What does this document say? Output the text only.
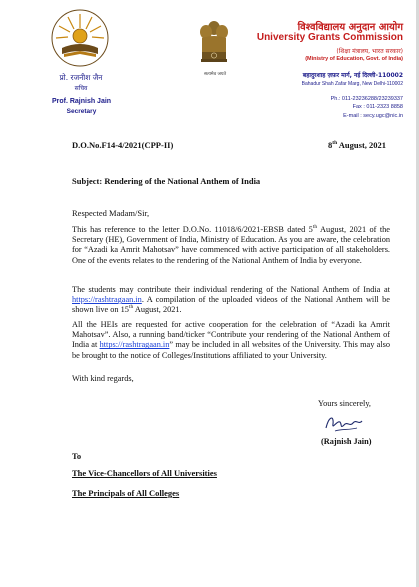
प्रो. रजनीश जैन
सचिव
Prof. Rajnish Jain
Secretary
सत्यमेव जयते
विश्वविद्यालय अनुदान आयोग
University Grants Commission
(शिक्षा मंत्रालय, भारत सरकार)
(Ministry of Education, Govt. of India)
बहादुरशाह ज़फ़र मार्ग, नई दिल्ली-110002
Bahadur Shah Zafar Marg, New Delhi-110002
Ph.: 011-23236288/23239337
Fax : 011-2323 8858
E-mail : secy.ugc@nic.in
D.O.No.F14-4/2021(CPP-II)	8th August, 2021
Subject: Rendering of the National Anthem of India
Respected Madam/Sir,
This has reference to the letter D.O.No. 11018/6/2021-EBSB dated 5th August, 2021 of the Secretary (HE), Government of India, Ministry of Education. As you are aware, the celebration for “Azadi ka Amrit Mahotsav” have commenced with active participation of all stakeholders. One of the events relates to the rendering of the National Anthem of India by everyone.
The students may contribute their individual rendering of the National Anthem of India at https://rashtragaan.in. A compilation of the uploaded videos of the National Anthem will be shown live on 15th August, 2021.
All the HEIs are requested for active cooperation for the celebration of “Azadi ka Amrit Mahotsav”. Also, a running band/ticker “Contribute your rendering of the National Anthem of India at https://rashtragaan.in” may be included in all websites of the University. This may also be brought to the notice of Colleges/Institutions affiliated to your University.
With kind regards,
Yours sincerely,
(Rajnish Jain)
To
The Vice-Chancellors of All Universities
The Principals of All Colleges
